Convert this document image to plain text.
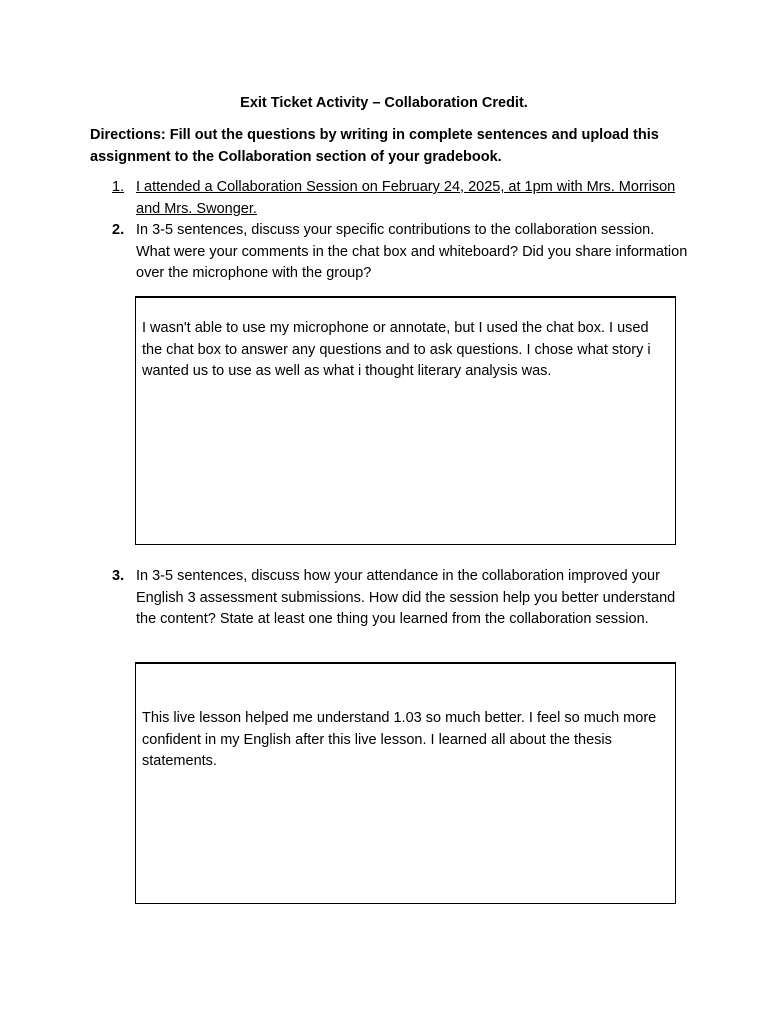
Exit Ticket Activity – Collaboration Credit.
Directions: Fill out the questions by writing in complete sentences and upload this assignment to the Collaboration section of your gradebook.
1. I attended a Collaboration Session on February 24, 2025, at 1pm with Mrs. Morrison and Mrs. Swonger.
2. In 3-5 sentences, discuss your specific contributions to the collaboration session. What were your comments in the chat box and whiteboard? Did you share information over the microphone with the group?
I wasn't able to use my microphone or annotate, but I used the chat box. I used the chat box to answer any questions and to ask questions. I chose what story i wanted us to use as well as what i thought literary analysis was.
3. In 3-5 sentences, discuss how your attendance in the collaboration improved your English 3 assessment submissions. How did the session help you better understand the content? State at least one thing you learned from the collaboration session.
This live lesson helped me understand 1.03 so much better. I feel so much more confident in my English after this live lesson. I learned all about the thesis statements.
